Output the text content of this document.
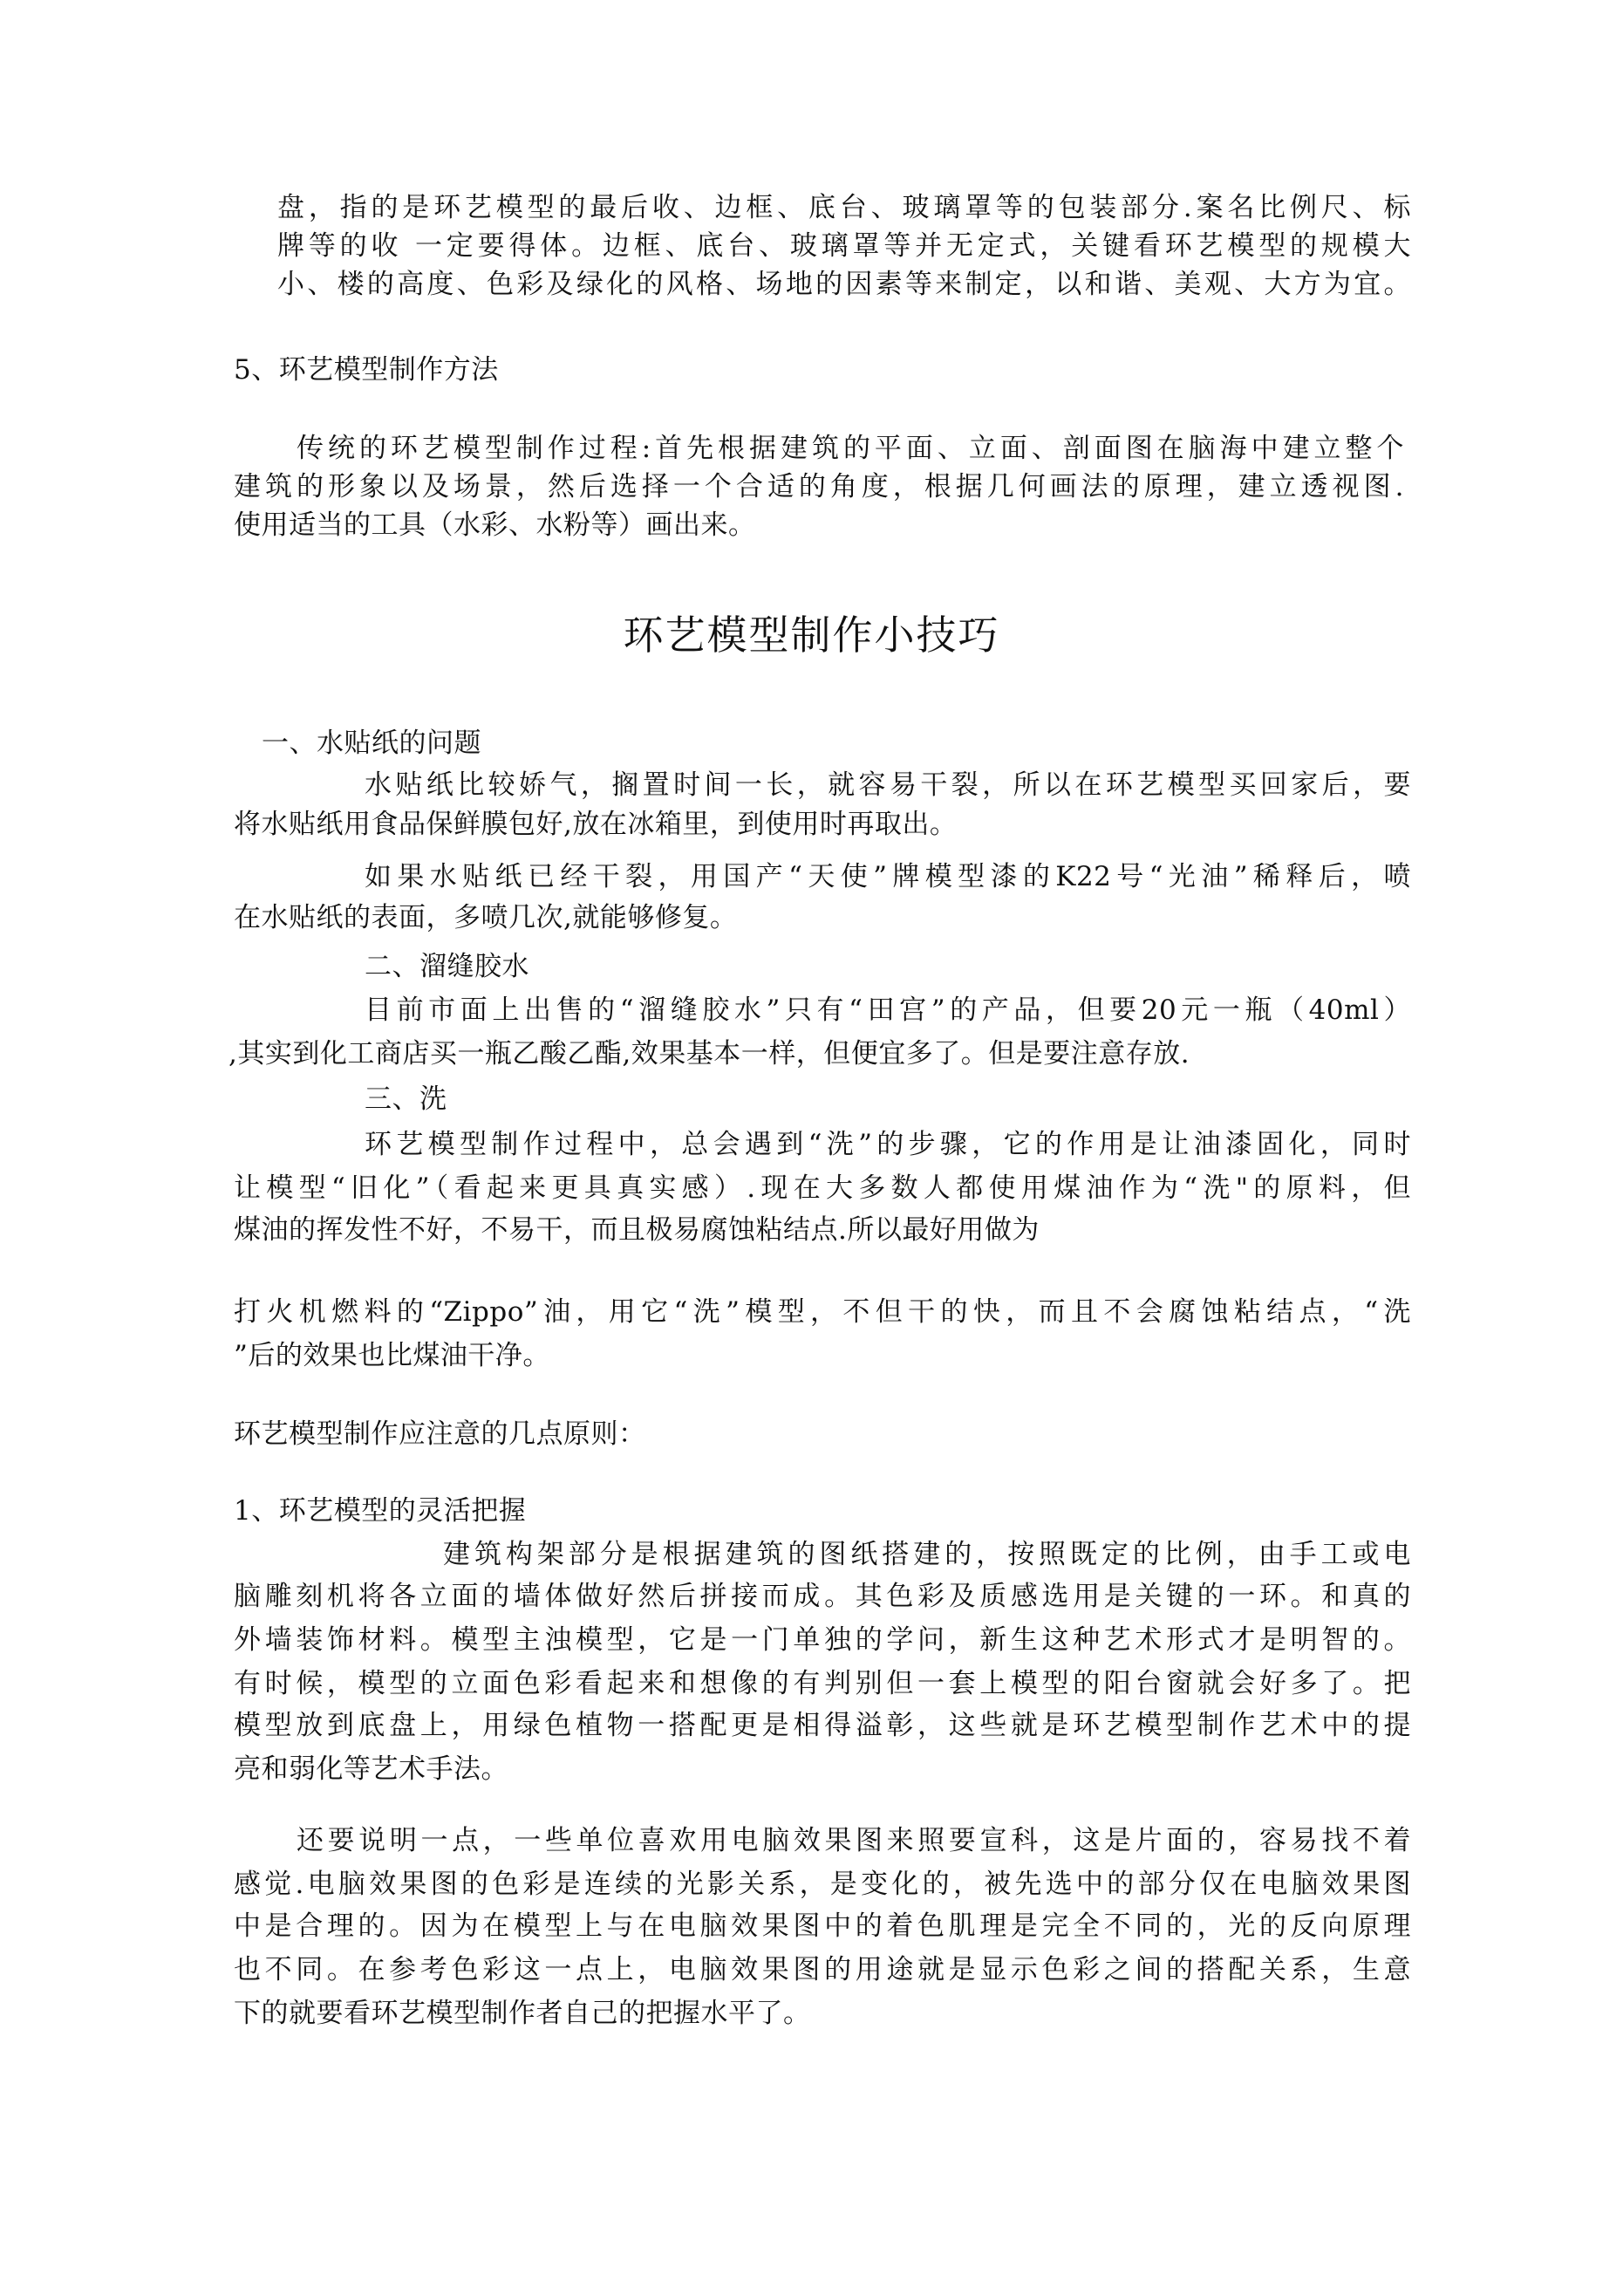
盘，指的是环艺模型的最后收、边框、底台、玻璃罩等的包装部分.案名比例尺、标
牌等的收 一定要得体。边框、底台、玻璃罩等并无定式，关键看环艺模型的规模大
小、楼的高度、色彩及绿化的风格、场地的因素等来制定，以和谐、美观、大方为宜。
5、环艺模型制作方法
传统的环艺模型制作过程:首先根据建筑的平面、立面、剖面图在脑海中建立整个
建筑的形象以及场景，然后选择一个合适的角度，根据几何画法的原理，建立透视图.
使用适当的工具（水彩、水粉等）画出来。
环艺模型制作小技巧
一、水贴纸的问题
水贴纸比较娇气，搁置时间一长，就容易干裂，所以在环艺模型买回家后，要
将水贴纸用食品保鲜膜包好,放在冰箱里，到使用时再取出。
如果水贴纸已经干裂，用国产“天使”牌模型漆的K22号“光油”稀释后，喷
在水贴纸的表面，多喷几次,就能够修复。
二、溜缝胶水
目前市面上出售的“溜缝胶水”只有“田宫”的产品，但要20元一瓶（40ml）
,其实到化工商店买一瓶乙酸乙酯,效果基本一样，但便宜多了。但是要注意存放.
三、洗
环艺模型制作过程中，总会遇到“洗”的步骤，它的作用是让油漆固化，同时
让模型“旧化”（看起来更具真实感）.现在大多数人都使用煤油作为“洗"的原料，但
煤油的挥发性不好，不易干，而且极易腐蚀粘结点.所以最好用做为
打火机燃料的“Zippo”油，用它“洗”模型，不但干的快，而且不会腐蚀粘结点，“洗
”后的效果也比煤油干净。
环艺模型制作应注意的几点原则：
1、环艺模型的灵活把握
建筑构架部分是根据建筑的图纸搭建的，按照既定的比例，由手工或电
脑雕刻机将各立面的墙体做好然后拼接而成。其色彩及质感选用是关键的一环。和真的
外墙装饰材料。模型主浊模型，它是一门单独的学问，新生这种艺术形式才是明智的。
有时候，模型的立面色彩看起来和想像的有判别但一套上模型的阳台窗就会好多了。把
模型放到底盘上，用绿色植物一搭配更是相得溢彰，这些就是环艺模型制作艺术中的提
亮和弱化等艺术手法。
还要说明一点，一些单位喜欢用电脑效果图来照要宣科，这是片面的，容易找不着
感觉.电脑效果图的色彩是连续的光影关系，是变化的，被先选中的部分仅在电脑效果图
中是合理的。因为在模型上与在电脑效果图中的着色肌理是完全不同的，光的反向原理
也不同。在参考色彩这一点上，电脑效果图的用途就是显示色彩之间的搭配关系，生意
下的就要看环艺模型制作者自己的把握水平了。
